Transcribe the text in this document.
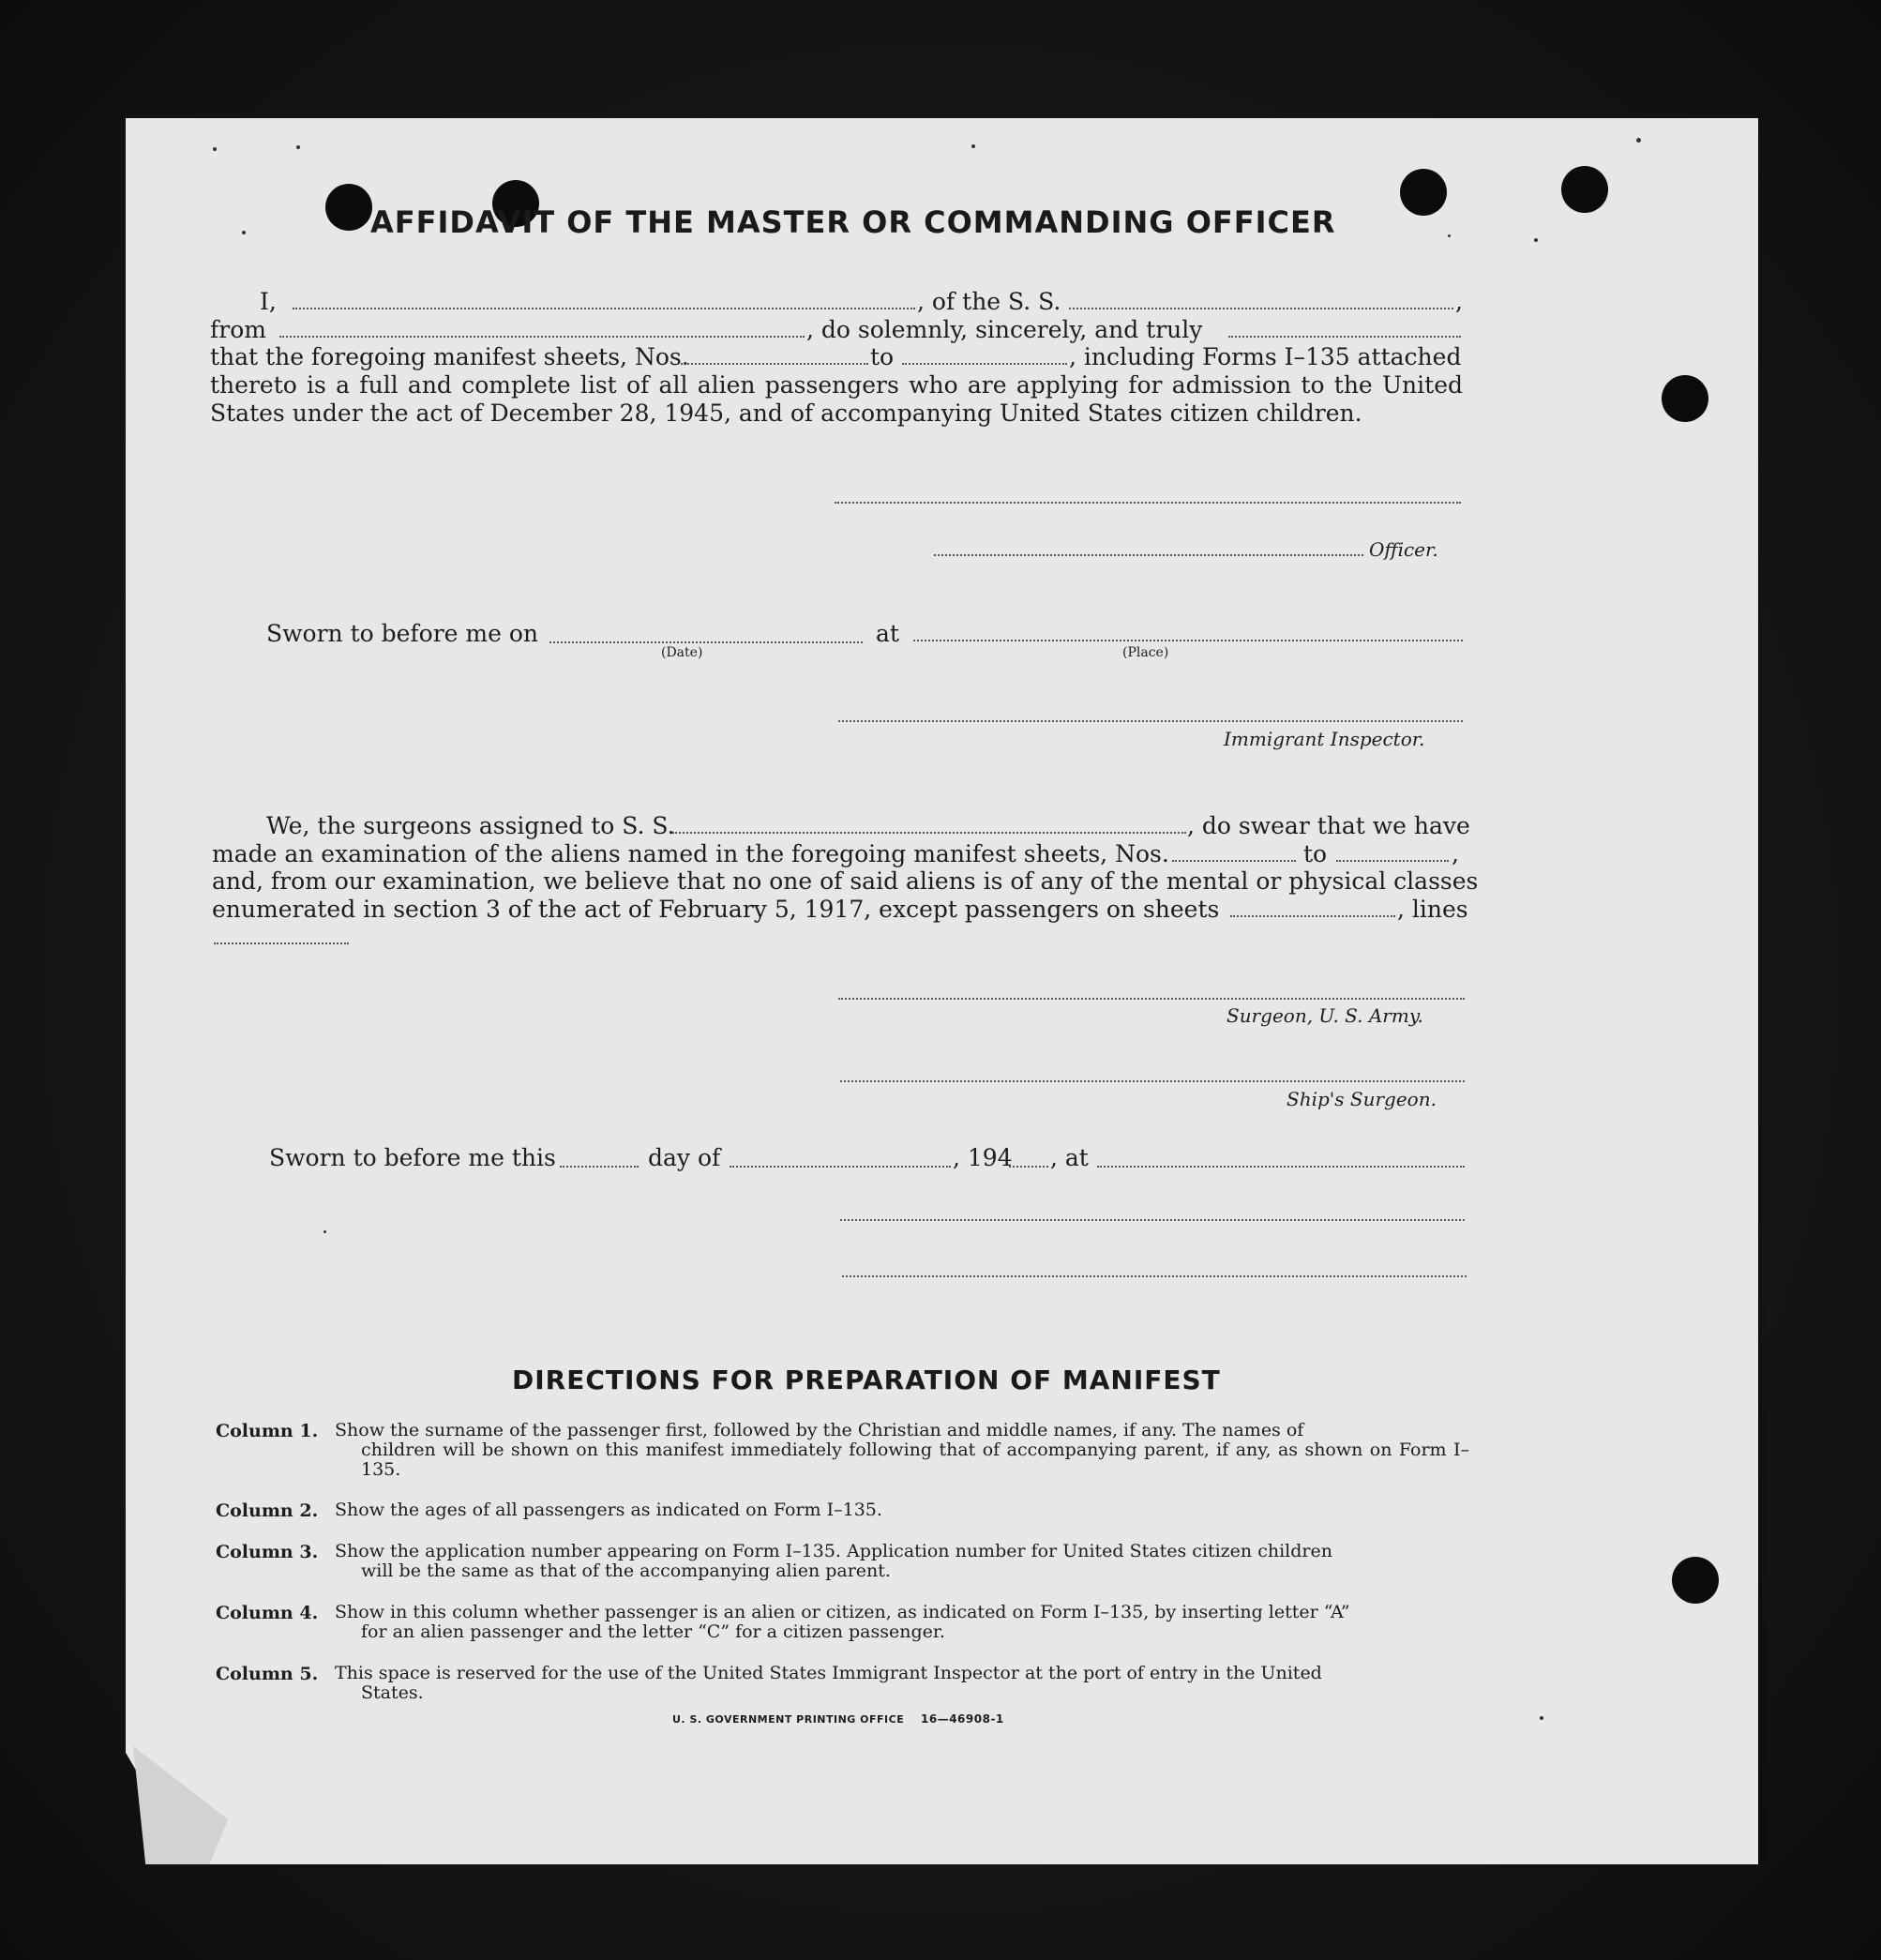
AFFIDAVIT OF THE MASTER OR COMMANDING OFFICER
I,	, of the S. S.	,
from	, do solemnly, sincerely, and truly
that the foregoing manifest sheets, Nos.	to	, including Forms I–135 attached
thereto is a full and complete list of all alien passengers who are applying for admission to the United States under the act of December 28, 1945, and of accompanying United States citizen children.
Officer.
Sworn to before me on
(Date)
at
(Place)
Immigrant Inspector.
We, the surgeons assigned to S. S.	, do swear that we have
made an examination of the aliens named in the foregoing manifest sheets, Nos.	to	,
and, from our examination, we believe that no one of said aliens is of any of the mental or physical classes
enumerated in section 3 of the act of February 5, 1917, except passengers on sheets	, lines
Surgeon, U. S. Army.
Ship's Surgeon.
Sworn to before me this	day of	, 194 , at
DIRECTIONS FOR PREPARATION OF MANIFEST
Column 1. Show the surname of the passenger first, followed by the Christian and middle names, if any. The names of
children will be shown on this manifest immediately following that of accompanying parent, if any, as shown on Form I–135.
Column 2. Show the ages of all passengers as indicated on Form I–135.
Column 3. Show the application number appearing on Form I–135. Application number for United States citizen children
will be the same as that of the accompanying alien parent.
Column 4. Show in this column whether passenger is an alien or citizen, as indicated on Form I–135, by inserting letter “A”
for an alien passenger and the letter “C” for a citizen passenger.
Column 5. This space is reserved for the use of the United States Immigrant Inspector at the port of entry in the United
States.
U. S. GOVERNMENT PRINTING OFFICE 16—46908-1
